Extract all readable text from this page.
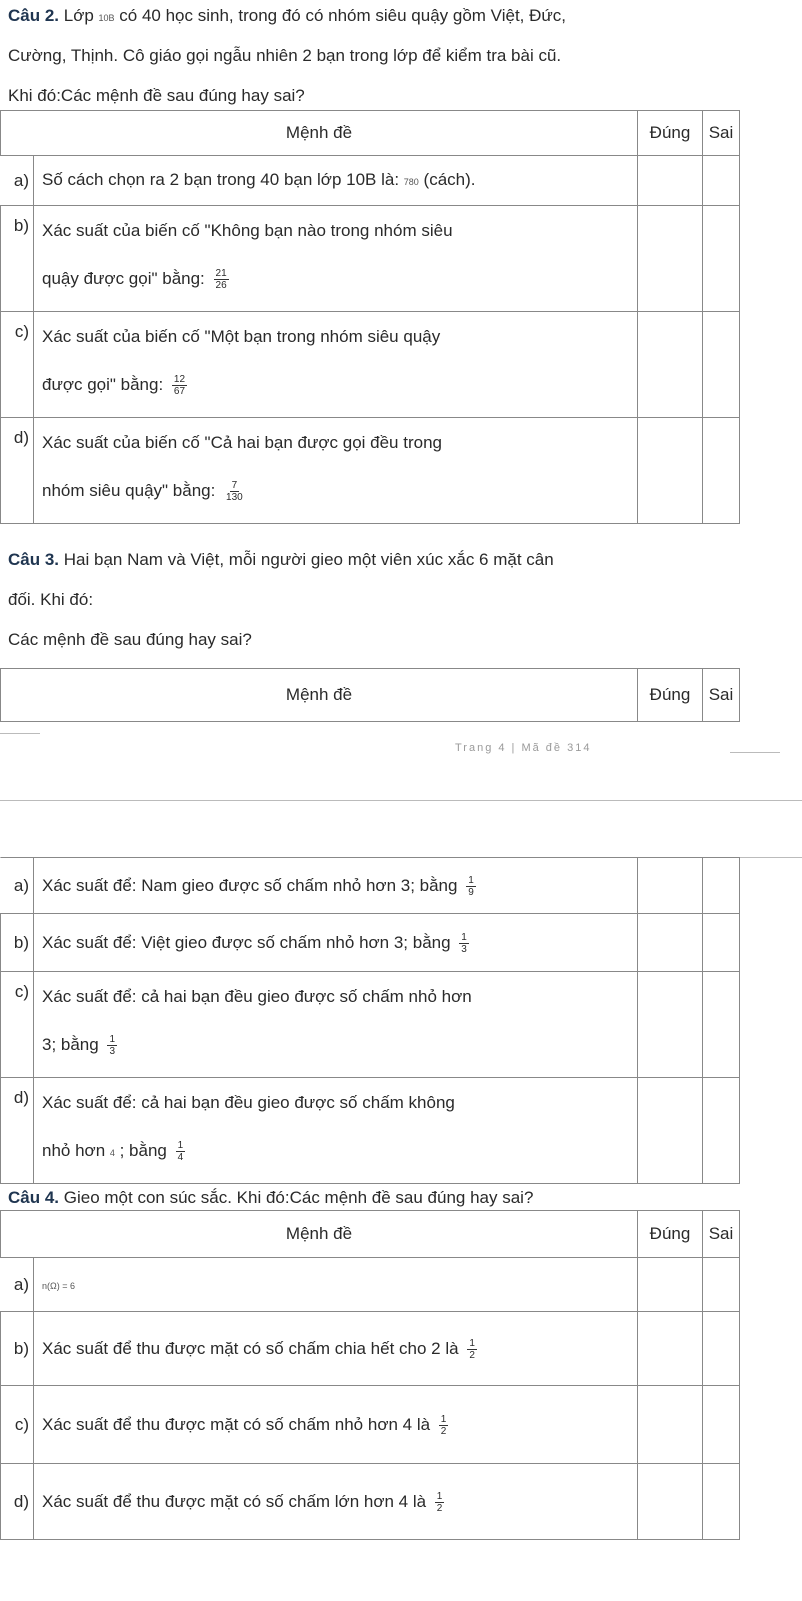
Câu 2. Lớp 10B có 40 học sinh, trong đó có nhóm siêu quậy gồm Việt, Đức,
Cường, Thịnh. Cô giáo gọi ngẫu nhiên 2 bạn trong lớp để kiểm tra bài cũ.
Khi đó:Các mệnh đề sau đúng hay sai?
Mệnh đề		Đúng	Sai
a)	Số cách chọn ra 2 bạn trong 40 bạn lớp 10B là: 780 (cách).		
b)	Xác suất của biến cố "Không bạn nào trong nhóm siêu
quậy được gọi" bằng: $\frac{21}{26}$

c)	Xác suất của biến cố "Một bạn trong nhóm siêu quậy
được gọi" bằng: $\frac{12}{67}$

d)	Xác suất của biến cố "Cả hai bạn được gọi đều trong
nhóm siêu quậy" bằng: $\frac{7}{130}$

Câu 3. Hai bạn Nam và Việt, mỗi người gieo một viên xúc xắc 6 mặt cân
đối. Khi đó:
Các mệnh đề sau đúng hay sai?
Mệnh đề	Đúng	Sai
Trang 4 | Mã đề 314
a)	Xác suất để: Nam gieo được số chấm nhỏ hơn 3; bằng $\frac{1}{9}$

b)	Xác suất để: Việt gieo được số chấm nhỏ hơn 3; bằng $\frac{1}{3}$

c)	Xác suất để: cả hai bạn đều gieo được số chấm nhỏ hơn
3; bằng $\frac{1}{3}$

d)	Xác suất để: cả hai bạn đều gieo được số chấm không
nhỏ hơn 4 ; bằng $\frac{1}{4}$

Câu 4. Gieo một con súc sắc. Khi đó:Các mệnh đề sau đúng hay sai?
Mệnh đề		Đúng	Sai
a)	n(Ω) = 6		
b)	Xác suất để thu được mặt có số chấm chia hết cho 2 là $\frac{1}{2}$

c)	Xác suất để thu được mặt có số chấm nhỏ hơn 4 là $\frac{1}{2}$

d)	Xác suất để thu được mặt có số chấm lớn hơn 4 là $\frac{1}{2}$
